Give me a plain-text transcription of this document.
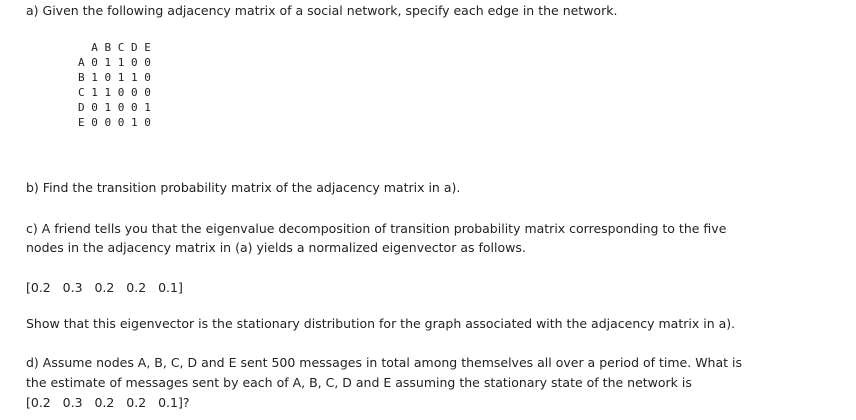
a) Given the following adjacency matrix of a social network, specify each edge in the network.

A B C D E
A 0 1 1 0 0
B 1 0 1 1 0
C 1 1 0 0 0
D 0 1 0 0 1
E 0 0 0 1 0

b) Find the transition probability matrix of the adjacency matrix in a).

c) A friend tells you that the eigenvalue decomposition of transition probability matrix corresponding to the five

nodes in the adjacency matrix in (a) yields a normalized eigenvector as follows.

[0.2   0.3   0.2   0.2   0.1]

Show that this eigenvector is the stationary distribution for the graph associated with the adjacency matrix in a).

d) Assume nodes A, B, C, D and E sent 500 messages in total among themselves all over a period of time. What is

the estimate of messages sent by each of A, B, C, D and E assuming the stationary state of the network is

[0.2   0.3   0.2   0.2   0.1]?
